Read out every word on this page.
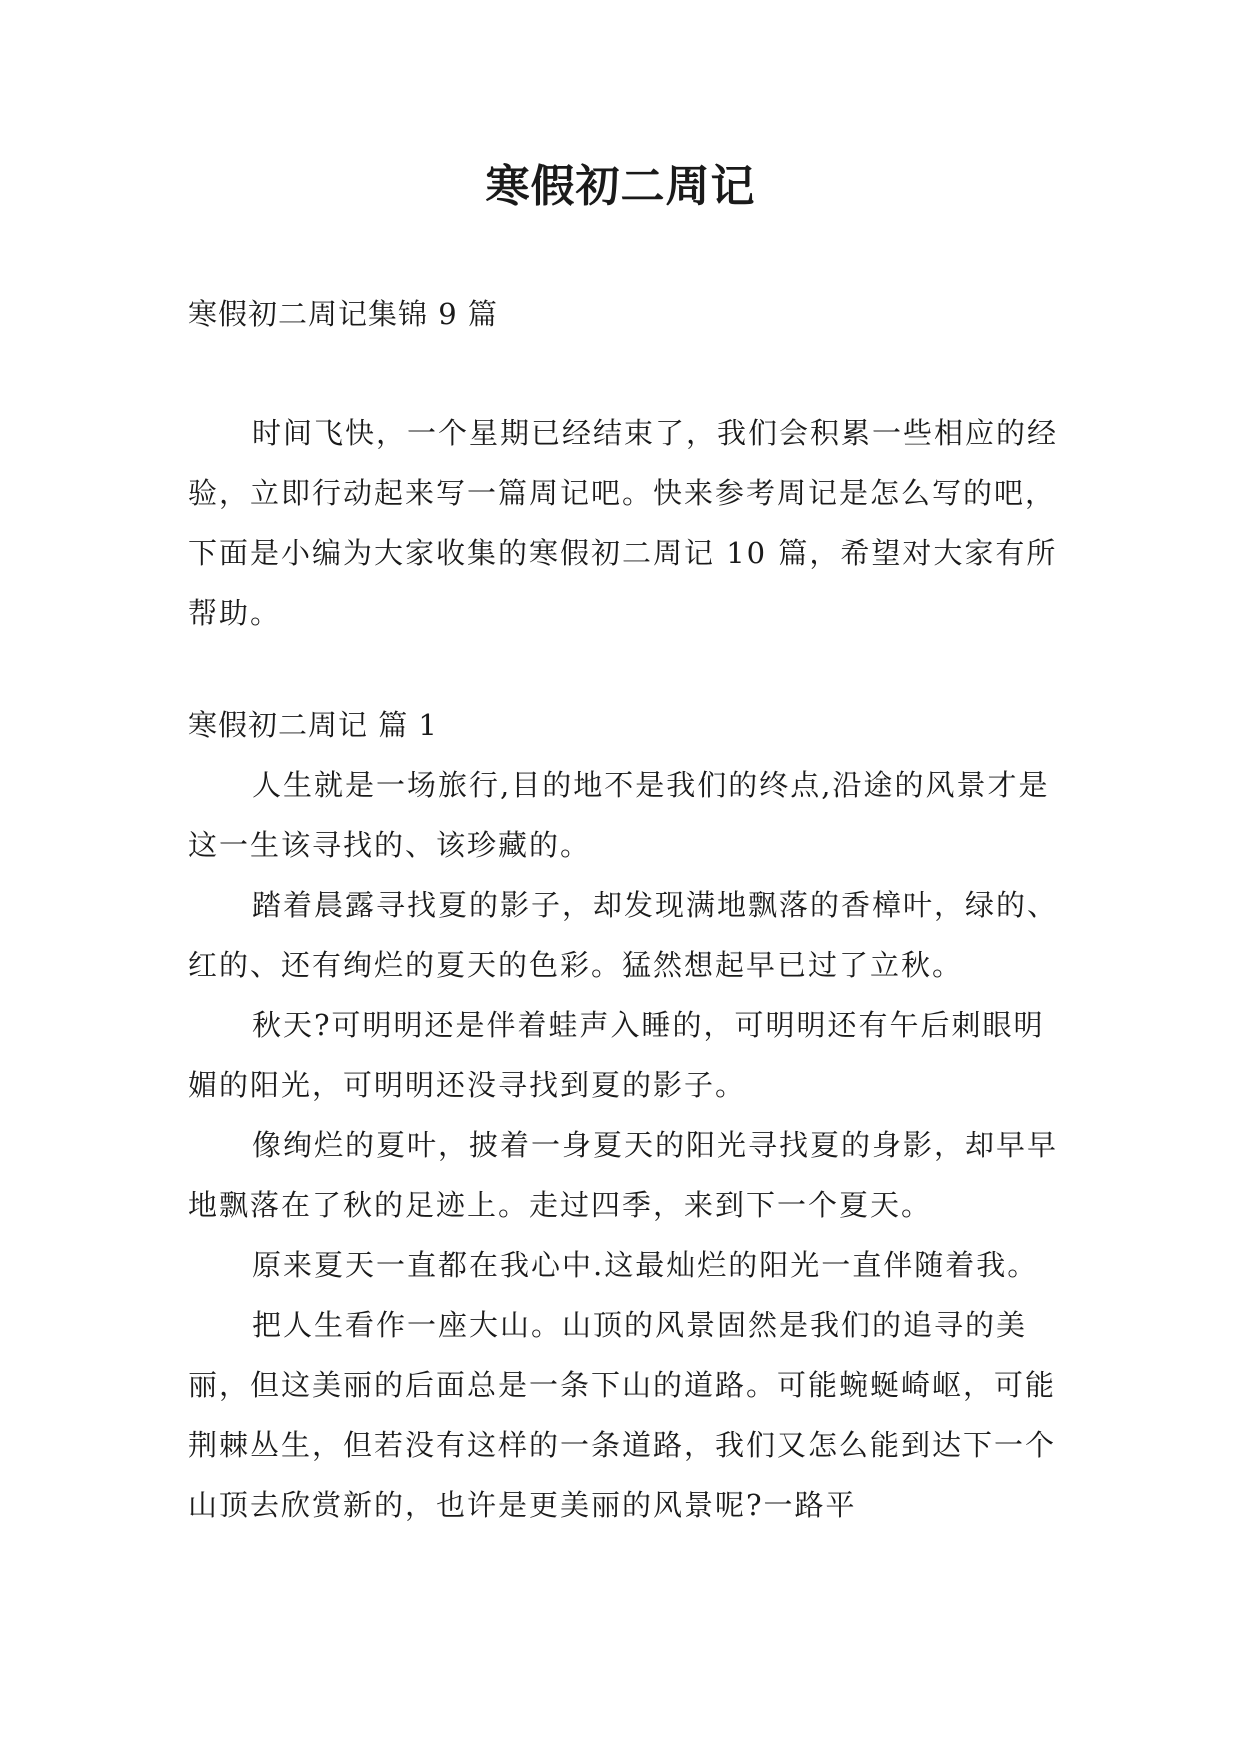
寒假初二周记

寒假初二周记集锦 9 篇

时间飞快，一个星期已经结束了，我们会积累一些相应的经验，立即行动起来写一篇周记吧。快来参考周记是怎么写的吧，下面是小编为大家收集的寒假初二周记 10 篇，希望对大家有所帮助。

寒假初二周记 篇 1

人生就是一场旅行,目的地不是我们的终点,沿途的风景才是这一生该寻找的、该珍藏的。

踏着晨露寻找夏的影子，却发现满地飘落的香樟叶，绿的、红的、还有绚烂的夏天的色彩。猛然想起早已过了立秋。

秋天?可明明还是伴着蛙声入睡的，可明明还有午后刺眼明媚的阳光，可明明还没寻找到夏的影子。

像绚烂的夏叶，披着一身夏天的阳光寻找夏的身影，却早早地飘落在了秋的足迹上。走过四季，来到下一个夏天。

原来夏天一直都在我心中.这最灿烂的阳光一直伴随着我。

把人生看作一座大山。山顶的风景固然是我们的追寻的美丽，但这美丽的后面总是一条下山的道路。可能蜿蜒崎岖，可能荆棘丛生，但若没有这样的一条道路，我们又怎么能到达下一个山顶去欣赏新的，也许是更美丽的风景呢?一路平
